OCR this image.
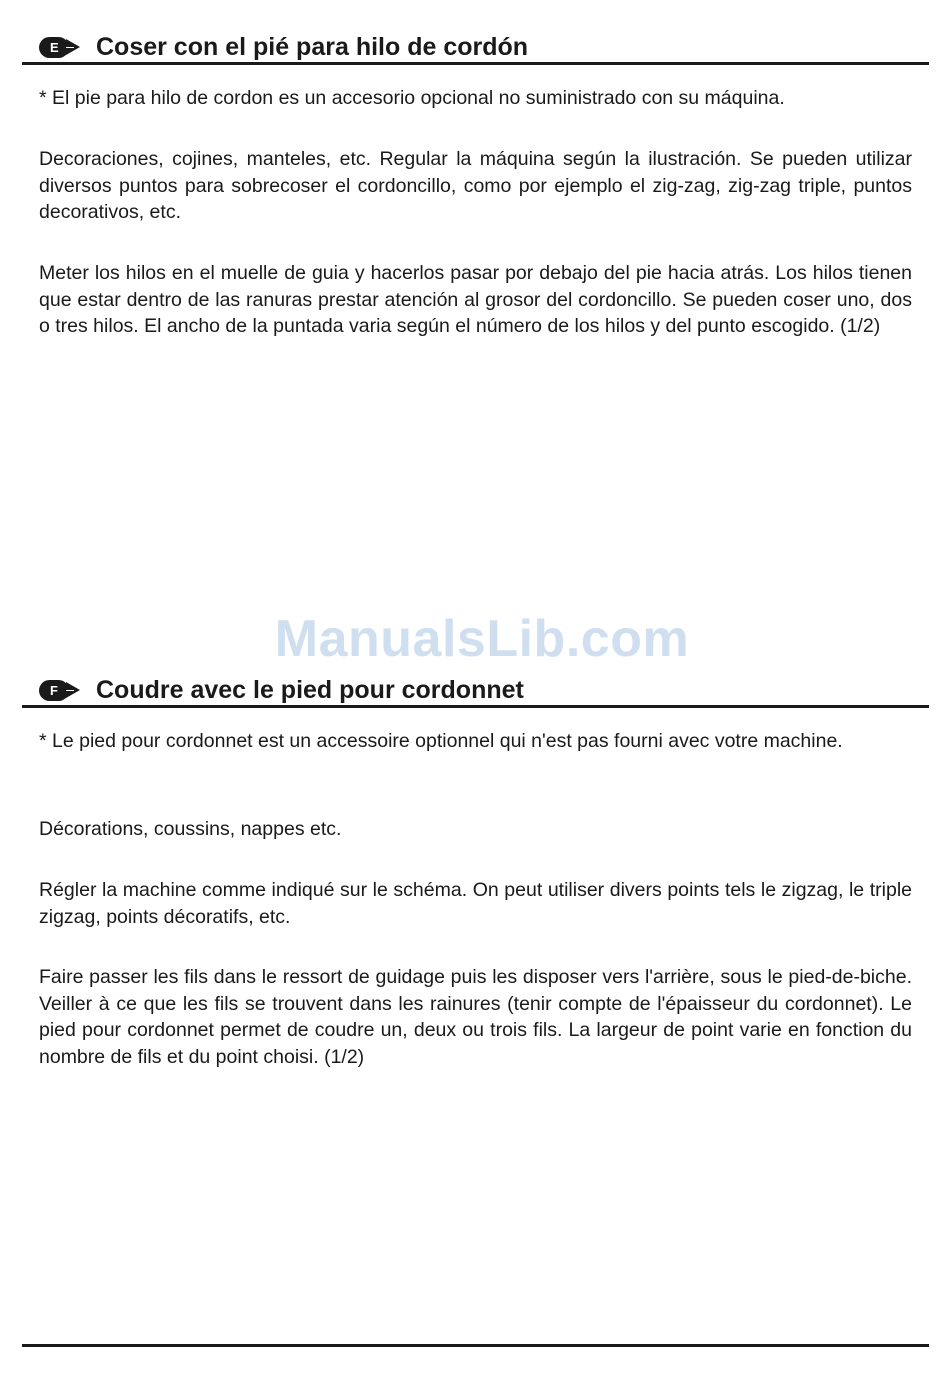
E	Coser con el pié para hilo de cordón

* El pie para hilo de cordon es un accesorio opcional no suministrado con su máquina.

Decoraciones, cojines, manteles, etc. Regular la máquina según la ilustración. Se pueden utilizar diversos puntos para sobrecoser el cordoncillo, como por ejemplo el zig-zag, zig-zag triple, puntos decorativos, etc.

Meter los hilos en el muelle de guia y hacerlos pasar por debajo del pie hacia atrás. Los hilos tienen que estar dentro de las ranuras prestar atención al grosor del cordoncillo. Se pueden coser uno, dos o tres hilos. El ancho de la puntada varia según el número de los hilos y del punto escogido. (1/2)

ManualsLib.com
F	Coudre avec le pied pour cordonnet

* Le pied pour cordonnet est un accessoire optionnel qui n'est pas fourni avec votre machine.

Décorations, coussins, nappes etc.

Régler la machine comme indiqué sur le schéma. On peut utiliser divers points tels le zigzag, le triple zigzag, points décoratifs, etc.

Faire passer les fils dans le ressort de guidage puis les disposer vers l'arrière, sous le pied-de-biche. Veiller à ce que les fils se trouvent dans les rainures (tenir compte de l'épaisseur du cordonnet). Le pied pour cordonnet permet de coudre un, deux ou trois fils. La largeur de point varie en fonction du nombre de fils et du point choisi. (1/2)
